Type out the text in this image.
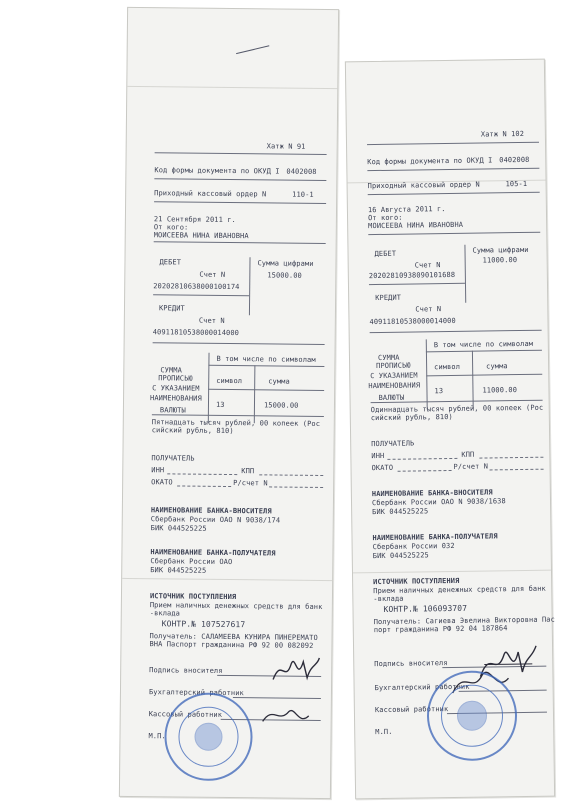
Хатж N 91
Код формы документа по ОКУД I 0402008
Приходный кассовый ордер N	110-1
21 Сентября 2011 г.
От кого:
МОИСЕЕВА НИНА ИВАНОВНА
ДЕБЕТ	Сумма цифрами
Счет N	15000.00
20202810638000100174
КРЕДИТ
Счет N
40911810538000014000
В том числе по символам
СУММА
ПРОПИСЬЮ
С УКАЗАНИЕМ
НАИМЕНОВАНИЯ
ВАЛЮТЫ
символ	сумма
13	15000.00
Пятнадцать тысяч рублей, 00 копеек (Рос
сийский рубль, 810)
ПОЛУЧАТЕЛЬ
ИНН	КПП
ОКАТО	Р/счет N
НАИМЕНОВАНИЕ БАНКА-ВНОСИТЕЛЯ
Сбербанк России ОАО N 9038/174
БИК 044525225
НАИМЕНОВАНИЕ БАНКА-ПОЛУЧАТЕЛЯ
Сбербанк России ОАО
БИК 044525225
ИСТОЧНИК ПОСТУПЛЕНИЯ
Прием наличных денежных средств для банк
-вклада
КОНТР.№ 107527617
Получатель: САЛАМЕЕВА КУНИРА ПИНЕРЕМАТО
ВНА Паспорт гражданина РФ 92 00 082092
Подпись вносителя
Бухгалтерский работник
Кассовый работник
М.П.
Хатж N 102
Код формы документа по ОКУД I 0402008
Приходный кассовый ордер N	105-1
16 Августа 2011 г.
От кого:
МОИСЕЕВА НИНА ИВАНОВНА
ДЕБЕТ	Сумма цифрами
Счет N
11000.00
20202810938090101688
КРЕДИТ
Счет N
40911810538000014000
В том числе по символам
СУММА
ПРОПИСЬЮ
С УКАЗАНИЕМ
НАИМЕНОВАНИЯ
ВАЛЮТЫ
символ	сумма
13	11000.00
Одиннадцать тысяч рублей, 00 копеек (Рос
сийский рубль, 810)
ПОЛУЧАТЕЛЬ
ИНН	КПП
ОКАТО	Р/счет N
НАИМЕНОВАНИЕ БАНКА-ВНОСИТЕЛЯ
Сбербанк России ОАО N 9038/1638
БИК 044525225
НАИМЕНОВАНИЕ БАНКА-ПОЛУЧАТЕЛЯ
Сбербанк России 032
БИК 044525225
ИСТОЧНИК ПОСТУПЛЕНИЯ
Прием наличных денежных средств для банк
-вклада
КОНТР.№ 106093707
Получатель: Сагиева Эвелина Викторовна Пас
порт гражданина РФ 92 04 187864
Подпись вносителя
Бухгалтерский работник
Кассовый работник
М.П.
